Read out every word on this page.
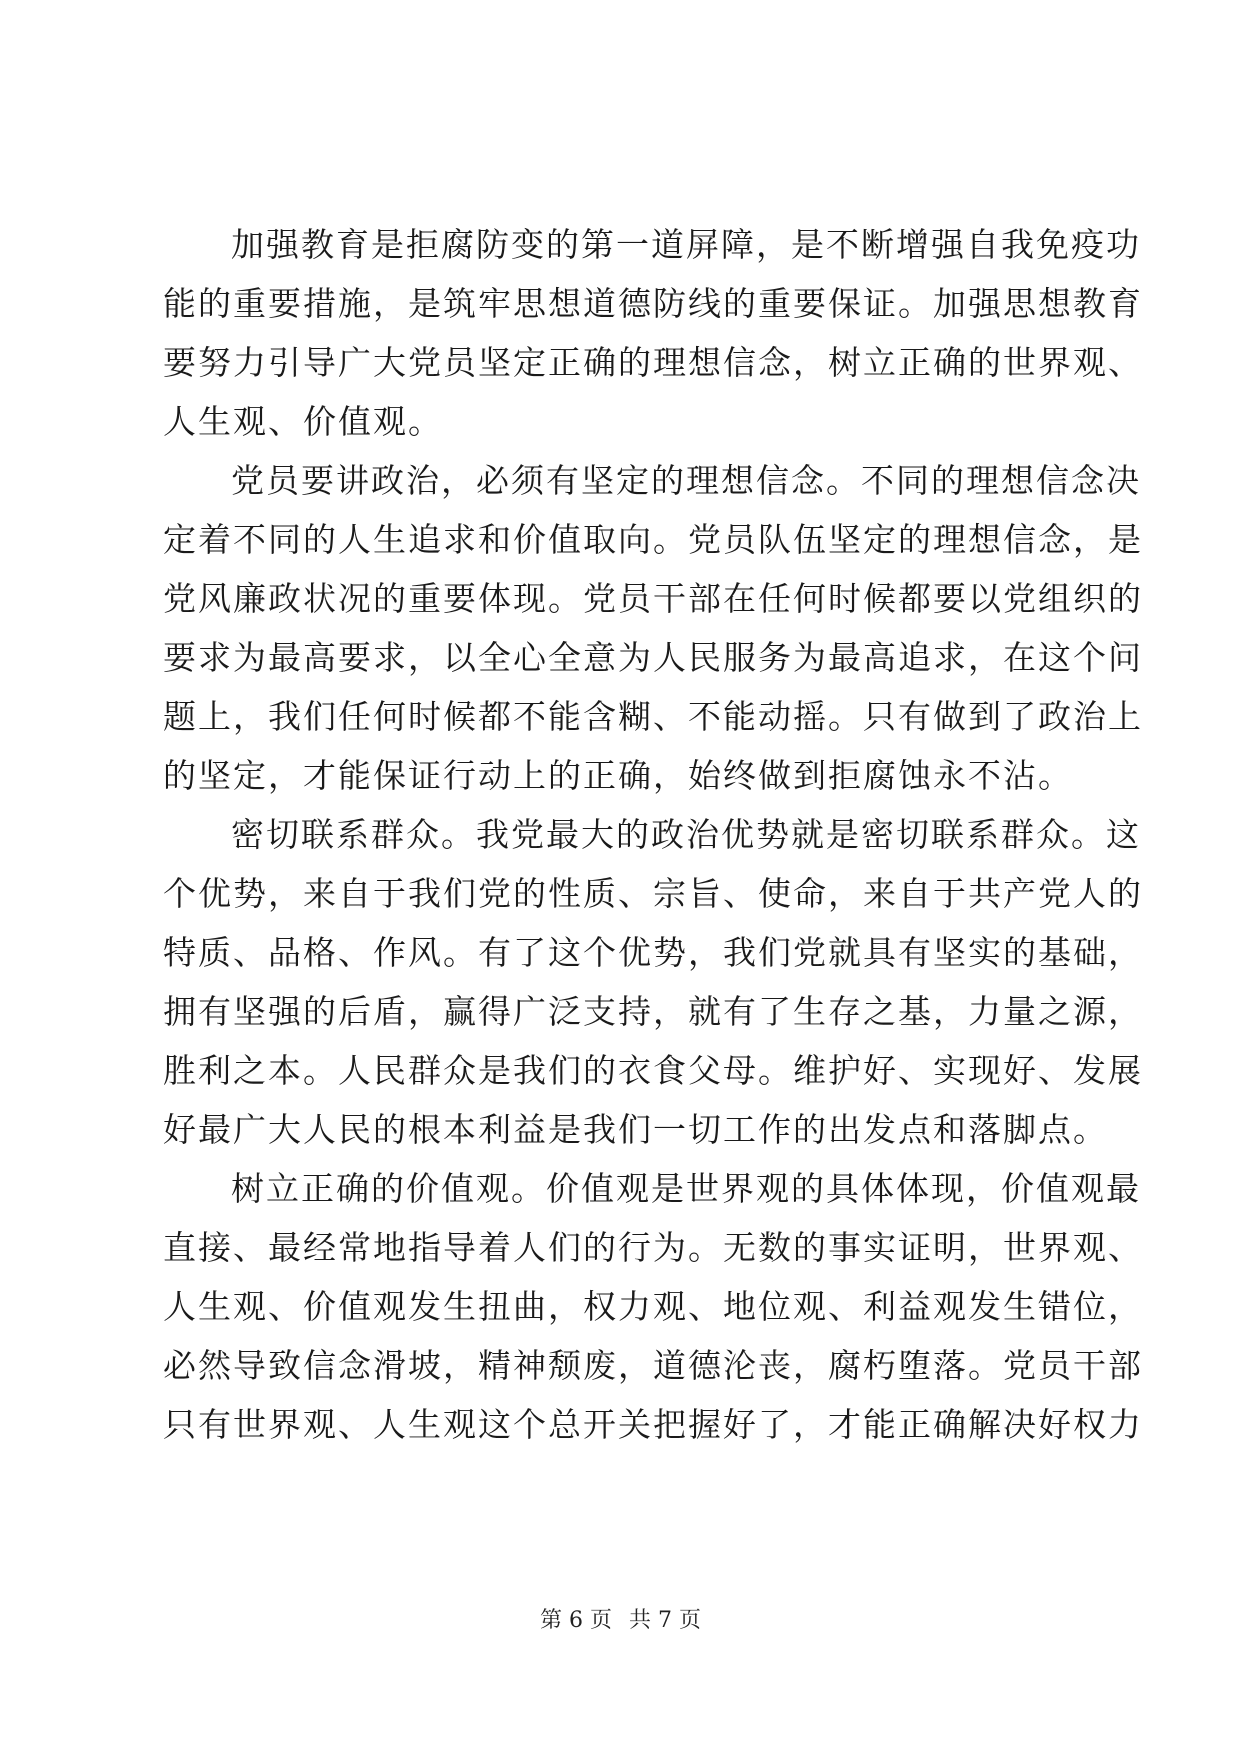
加强教育是拒腐防变的第一道屏障，是不断增强自我免疫功

能的重要措施，是筑牢思想道德防线的重要保证。加强思想教育

要努力引导广大党员坚定正确的理想信念，树立正确的世界观、

人生观、价值观。

党员要讲政治，必须有坚定的理想信念。不同的理想信念决

定着不同的人生追求和价值取向。党员队伍坚定的理想信念，是

党风廉政状况的重要体现。党员干部在任何时候都要以党组织的

要求为最高要求，以全心全意为人民服务为最高追求，在这个问

题上，我们任何时候都不能含糊、不能动摇。只有做到了政治上

的坚定，才能保证行动上的正确，始终做到拒腐蚀永不沾。

密切联系群众。我党最大的政治优势就是密切联系群众。这

个优势，来自于我们党的性质、宗旨、使命，来自于共产党人的

特质、品格、作风。有了这个优势，我们党就具有坚实的基础，

拥有坚强的后盾，赢得广泛支持，就有了生存之基，力量之源，

胜利之本。人民群众是我们的衣食父母。维护好、实现好、发展

好最广大人民的根本利益是我们一切工作的出发点和落脚点。

树立正确的价值观。价值观是世界观的具体体现，价值观最

直接、最经常地指导着人们的行为。无数的事实证明，世界观、

人生观、价值观发生扭曲，权力观、地位观、利益观发生错位，

必然导致信念滑坡，精神颓废，道德沦丧，腐朽堕落。党员干部

只有世界观、人生观这个总开关把握好了，才能正确解决好权力

第 6 页 共 7 页
